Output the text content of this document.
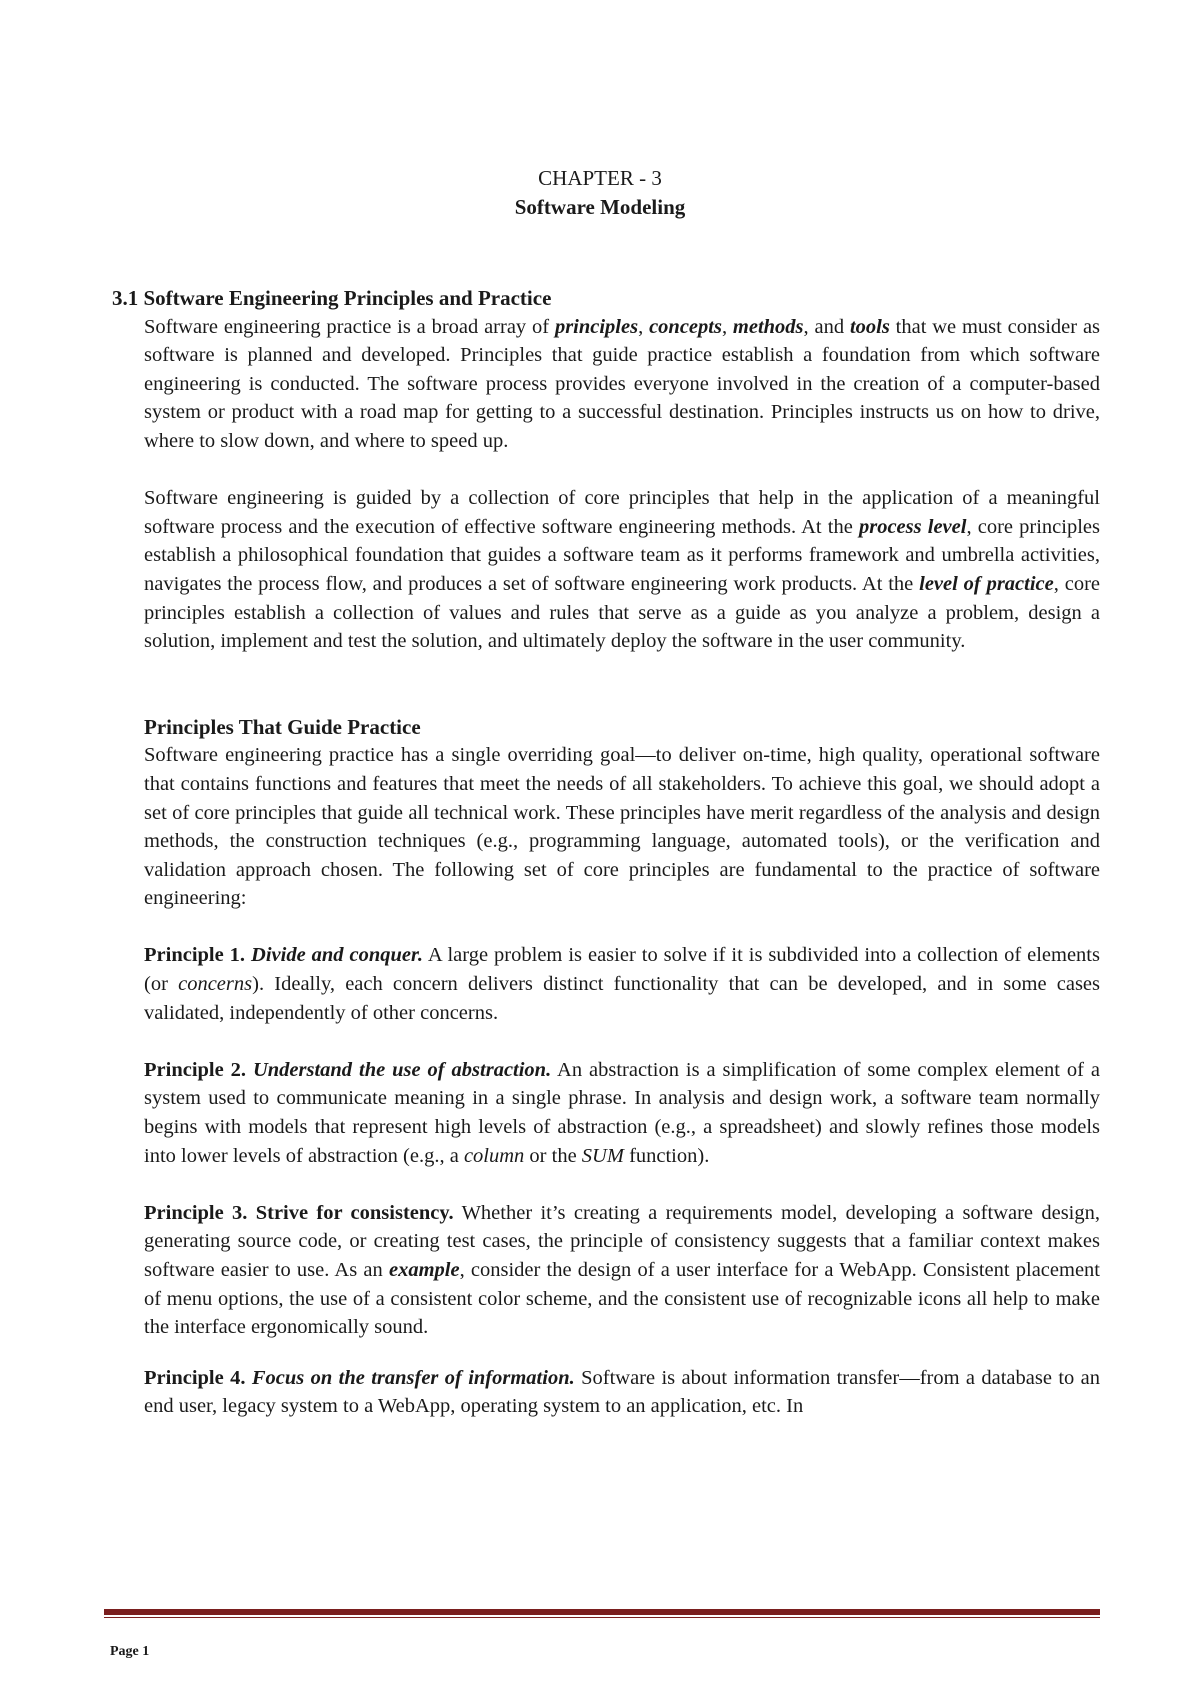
CHAPTER - 3
Software Modeling
3.1 Software Engineering Principles and Practice

Software engineering practice is a broad array of principles, concepts, methods, and tools that we must consider as software is planned and developed. Principles that guide practice establish a foundation from which software engineering is conducted. The software process provides everyone involved in the creation of a computer-based system or product with a road map for getting to a successful destination. Principles instructs us on how to drive, where to slow down, and where to speed up.

Software engineering is guided by a collection of core principles that help in the application of a meaningful software process and the execution of effective software engineering methods. At the process level, core principles establish a philosophical foundation that guides a software team as it performs framework and umbrella activities, navigates the process flow, and produces a set of software engineering work products. At the level of practice, core principles establish a collection of values and rules that serve as a guide as you analyze a problem, design a solution, implement and test the solution, and ultimately deploy the software in the user community.

Principles That Guide Practice

Software engineering practice has a single overriding goal—to deliver on-time, high quality, operational software that contains functions and features that meet the needs of all stakeholders. To achieve this goal, we should adopt a set of core principles that guide all technical work. These principles have merit regardless of the analysis and design methods, the construction techniques (e.g., programming language, automated tools), or the verification and validation approach chosen. The following set of core principles are fundamental to the practice of software engineering:

Principle 1. Divide and conquer. A large problem is easier to solve if it is subdivided into a collection of elements (or concerns). Ideally, each concern delivers distinct functionality that can be developed, and in some cases validated, independently of other concerns.

Principle 2. Understand the use of abstraction. An abstraction is a simplification of some complex element of a system used to communicate meaning in a single phrase. In analysis and design work, a software team normally begins with models that represent high levels of abstraction (e.g., a spreadsheet) and slowly refines those models into lower levels of abstraction (e.g., a column or the SUM function).

Principle 3. Strive for consistency. Whether it’s creating a requirements model, developing a software design, generating source code, or creating test cases, the principle of consistency suggests that a familiar context makes software easier to use. As an example, consider the design of a user interface for a WebApp. Consistent placement of menu options, the use of a consistent color scheme, and the consistent use of recognizable icons all help to make the interface ergonomically sound.

Principle 4. Focus on the transfer of information. Software is about information transfer—from a database to an end user, legacy system to a WebApp, operating system to an application, etc. In

Page 1
